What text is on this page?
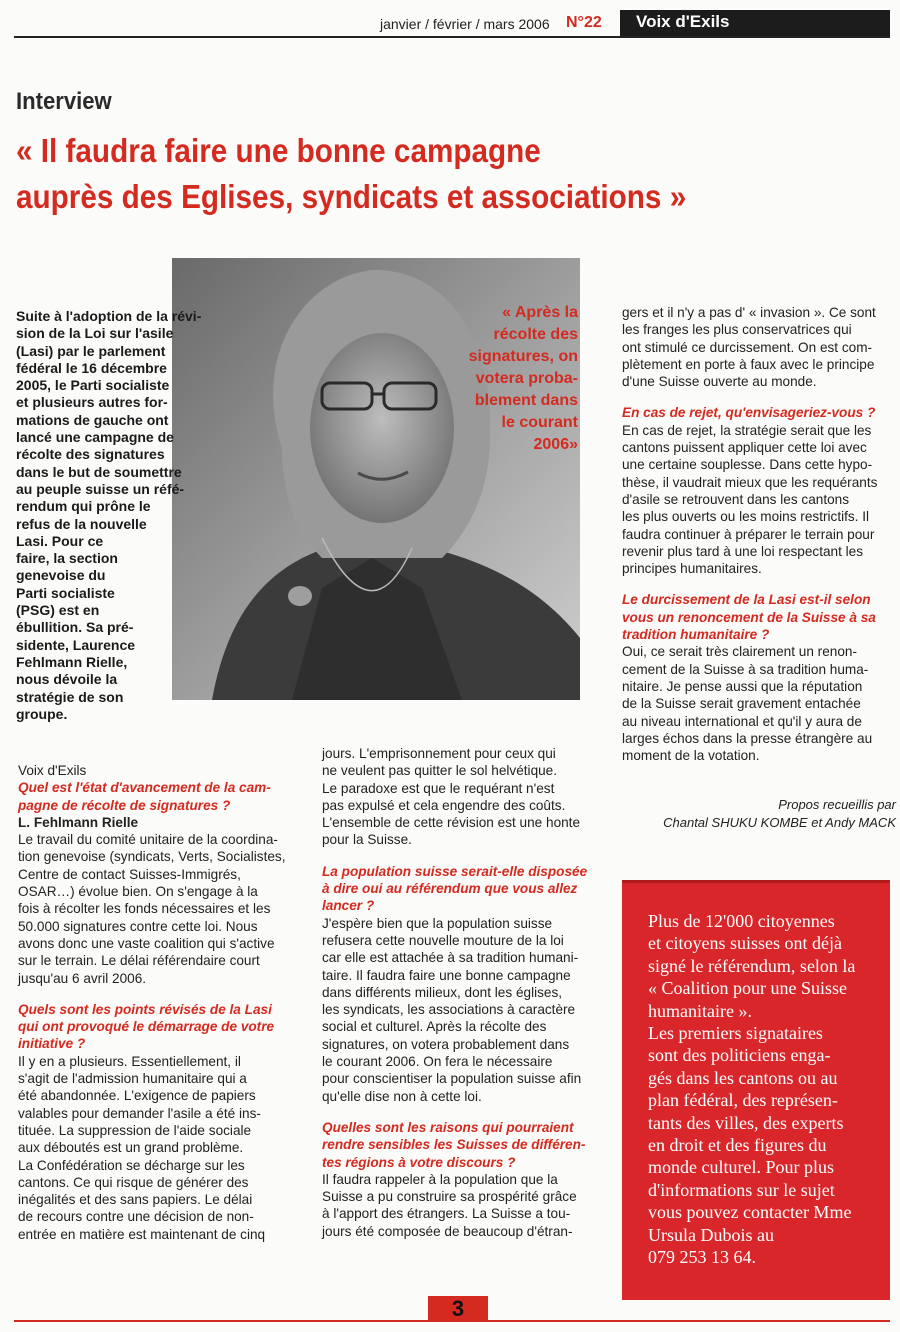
janvier / février / mars 2006 N°22	Voix d'Exils
Interview
« Il faudra faire une bonne campagne
auprès des Eglises, syndicats et associations »
Suite à l'adoption de la révi-
sion de la Loi sur l'asile
(Lasi) par le parlement
fédéral le 16 décembre
2005, le Parti socialiste
et plusieurs autres for-
mations de gauche ont
lancé une campagne de
récolte des signatures
dans le but de soumettre
au peuple suisse un réfé-
rendum qui prône le
refus de la nouvelle
Lasi. Pour ce
faire, la section
genevoise du
Parti socialiste
(PSG) est en
ébullition. Sa pré-
sidente, Laurence
Fehlmann Rielle,
nous dévoile la
stratégie de son
groupe.
« Après la
récolte des
signatures, on
votera proba-
blement dans
le courant
2006»
Voix d'Exils
Quel est l'état d'avancement de la cam-
pagne de récolte de signatures ?
L. Fehlmann Rielle
Le travail du comité unitaire de la coordina-
tion genevoise (syndicats, Verts, Socialistes,
Centre de contact Suisses-Immigrés,
OSAR…) évolue bien. On s'engage à la
fois à récolter les fonds nécessaires et les
50.000 signatures contre cette loi. Nous
avons donc une vaste coalition qui s'active
sur le terrain. Le délai référendaire court
jusqu'au 6 avril 2006.
Quels sont les points révisés de la Lasi
qui ont provoqué le démarrage de votre
initiative ?
Il y en a plusieurs. Essentiellement, il
s'agit de l'admission humanitaire qui a
été abandonnée. L'exigence de papiers
valables pour demander l'asile a été ins-
tituée. La suppression de l'aide sociale
aux déboutés est un grand problème.
La Confédération se décharge sur les
cantons. Ce qui risque de générer des
inégalités et des sans papiers. Le délai
de recours contre une décision de non-
entrée en matière est maintenant de cinq
jours. L'emprisonnement pour ceux qui
ne veulent pas quitter le sol helvétique.
Le paradoxe est que le requérant n'est
pas expulsé et cela engendre des coûts.
L'ensemble de cette révision est une honte
pour la Suisse.
La population suisse serait-elle disposée
à dire oui au référendum que vous allez
lancer ?
J'espère bien que la population suisse
refusera cette nouvelle mouture de la loi
car elle est attachée à sa tradition humani-
taire. Il faudra faire une bonne campagne
dans différents milieux, dont les églises,
les syndicats, les associations à caractère
social et culturel. Après la récolte des
signatures, on votera probablement dans
le courant 2006. On fera le nécessaire
pour conscientiser la population suisse afin
qu'elle dise non à cette loi.
Quelles sont les raisons qui pourraient
rendre sensibles les Suisses de différen-
tes régions à votre discours ?
Il faudra rappeler à la population que la
Suisse a pu construire sa prospérité grâce
à l'apport des étrangers. La Suisse a tou-
jours été composée de beaucoup d'étran-
gers et il n'y a pas d' « invasion ». Ce sont
les franges les plus conservatrices qui
ont stimulé ce durcissement. On est com-
plètement en porte à faux avec le principe
d'une Suisse ouverte au monde.
En cas de rejet, qu'envisageriez-vous ?
En cas de rejet, la stratégie serait que les
cantons puissent appliquer cette loi avec
une certaine souplesse. Dans cette hypo-
thèse, il vaudrait mieux que les requérants
d'asile se retrouvent dans les cantons
les plus ouverts ou les moins restrictifs. Il
faudra continuer à préparer le terrain pour
revenir plus tard à une loi respectant les
principes humanitaires.
Le durcissement de la Lasi est-il selon
vous un renoncement de la Suisse à sa
tradition humanitaire ?
Oui, ce serait très clairement un renon-
cement de la Suisse à sa tradition huma-
nitaire. Je pense aussi que la réputation
de la Suisse serait gravement entachée
au niveau international et qu'il y aura de
larges échos dans la presse étrangère au
moment de la votation.
Propos recueillis par
Chantal SHUKU KOMBE et Andy MACK
Plus de 12'000 citoyennes
et citoyens suisses ont déjà
signé le référendum, selon la
« Coalition pour une Suisse
humanitaire ».
Les premiers signataires
sont des politiciens enga-
gés dans les cantons ou au
plan fédéral, des représen-
tants des villes, des experts
en droit et des figures du
monde culturel. Pour plus
d'informations sur le sujet
vous pouvez contacter Mme
Ursula Dubois au
079 253 13 64.
3
